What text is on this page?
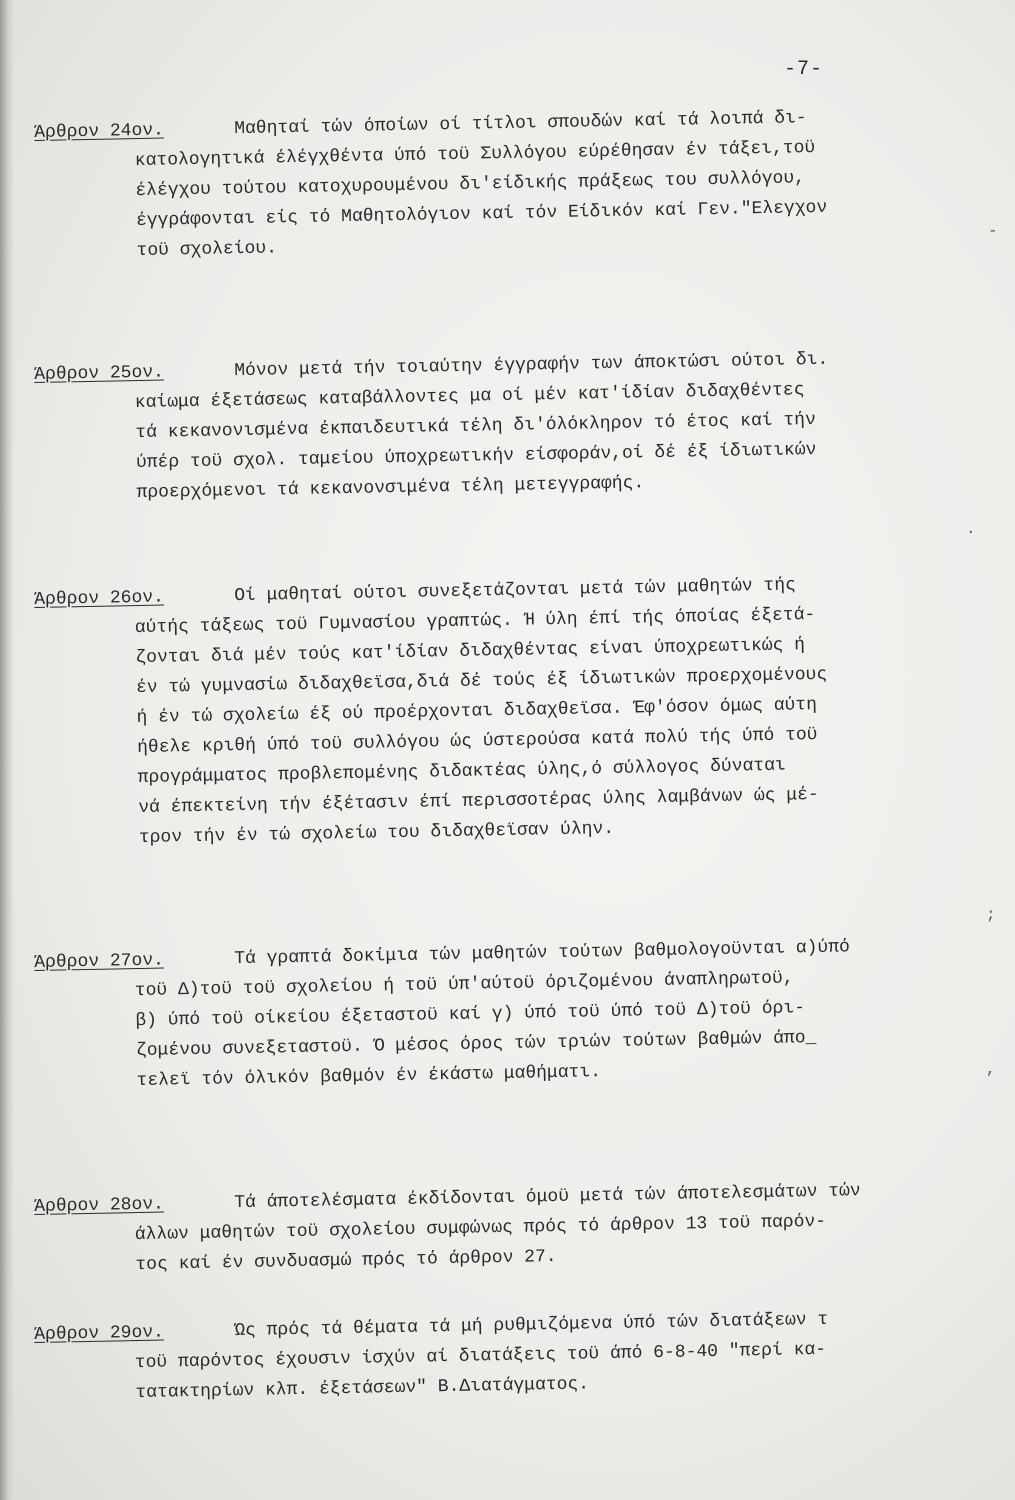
-7-
Άρθρον 24ον.	Μαθηταί τών όποίων οί τίτλοι σπουδών καί τά λοιπά δι-
κατολογητικά έλέγχθέντα ύπό τοϋ Συλλόγου εύρέθησαν έν τάξει,τοϋ
έλέγχου τούτου κατοχυρουμένου δι'είδικής πράξεως του συλλόγου,
έγγράφονται είς τό Μαθητολόγιον καί τόν Είδικόν καί Γεν."Ελεγχον
τοϋ σχολείου.
Άρθρον 25ον.	Μόνον μετά τήν τοιαύτην έγγραφήν των άποκτώσι ούτοι δι.
καίωμα έξετάσεως καταβάλλοντες μα οί μέν κατ'ίδίαν διδαχθέντες
τά κεκανονισμένα έκπαιδευτικά τέλη δι'όλόκληρον τό έτος καί τήν
ύπέρ τοϋ σχολ. ταμείου ύποχρεωτικήν είσφοράν,οί δέ έξ ίδιωτικών
προερχόμενοι τά κεκανονσιμένα τέλη μετεγγραφής.
Άρθρον 26ον.	Οί μαθηταί ούτοι συνεξετάζονται μετά τών μαθητών τής
αύτής τάξεως τοϋ Γυμνασίου γραπτώς. Ή ύλη έπί τής όποίας έξετά-
ζονται διά μέν τούς κατ'ίδίαν διδαχθέντας είναι ύποχρεωτικώς ή
έν τώ γυμνασίω διδαχθεϊσα,διά δέ τούς έξ ίδιωτικών προερχομένους
ή έν τώ σχολείω έξ ού προέρχονται διδαχθεϊσα. Έφ'όσον όμως αύτη
ήθελε κριθή ύπό τοϋ συλλόγου ώς ύστερούσα κατά πολύ τής ύπό τοϋ
προγράμματος προβλεπομένης διδακτέας ύλης,ό σύλλογος δύναται
νά έπεκτείνη τήν έξέτασιν έπί περισσοτέρας ύλης λαμβάνων ώς μέ-
τρον τήν έν τώ σχολείω του διδαχθεϊσαν ύλην.
Άρθρον 27ον.	Τά γραπτά δοκίμια τών μαθητών τούτων βαθμολογοϋνται α)ύπό
τοϋ Δ)τοϋ τοϋ σχολείου ή τοϋ ύπ'αύτοϋ όριζομένου άναπληρωτοϋ,
β) ύπό τοϋ οίκείου έξεταστοϋ καί γ) ύπό τοϋ ύπό τοϋ Δ)τοϋ όρι-
ζομένου συνεξεταστοϋ. Ό μέσος όρος τών τριών τούτων βαθμών άπο_
τελεϊ τόν όλικόν βαθμόν έν έκάστω μαθήματι.
Άρθρον 28ον.	Τά άποτελέσματα έκδίδονται όμοϋ μετά τών άποτελεσμάτων τών
άλλων μαθητών τοϋ σχολείου συμφώνως πρός τό άρθρον 13 τοϋ παρόν-
τος καί έν συνδυασμώ πρός τό άρθρον 27.
Άρθρον 29ον.	Ώς πρός τά θέματα τά μή ρυθμιζόμενα ύπό τών διατάξεων τ
τοϋ παρόντος έχουσιν ίσχύν αί διατάξεις τοϋ άπό 6-8-40 "περί κα-
τατακτηρίων κλπ. έξετάσεων" Β.Διατάγματος.
-
.
;
,
